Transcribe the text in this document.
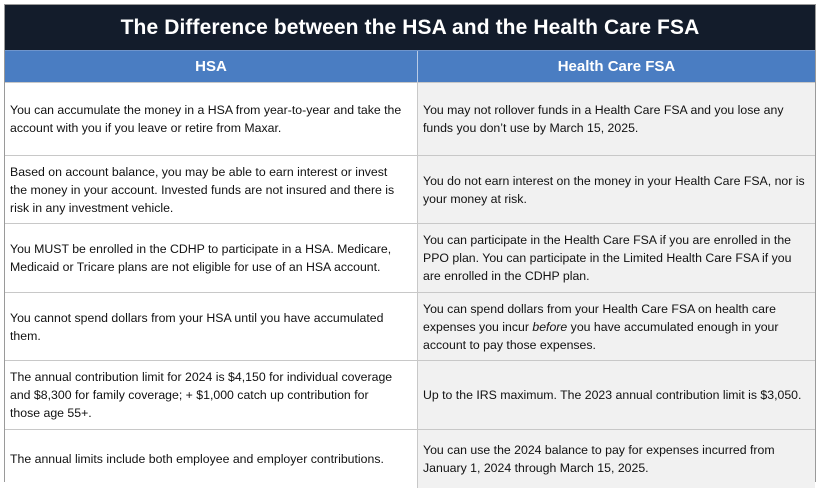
The Difference between the HSA and the Health Care FSA
HSA	Health Care FSA
You can accumulate the money in a HSA from year-to-year and take the
account with you if you leave or retire from Maxar.
You may not rollover funds in a Health Care FSA and you lose any
funds you don’t use by March 15, 2025.
Based on account balance, you may be able to earn interest or invest
the money in your account. Invested funds are not insured and there is
risk in any investment vehicle.
You do not earn interest on the money in your Health Care FSA, nor is
your money at risk.
You MUST be enrolled in the CDHP to participate in a HSA. Medicare,
Medicaid or Tricare plans are not eligible for use of an HSA account.
You can participate in the Health Care FSA if you are enrolled in the
PPO plan. You can participate in the Limited Health Care FSA if you
are enrolled in the CDHP plan.
You cannot spend dollars from your HSA until you have accumulated
them.
You can spend dollars from your Health Care FSA on health care
expenses you incur before you have accumulated enough in your
account to pay those expenses.
The annual contribution limit for 2024 is $4,150 for individual coverage
and $8,300 for family coverage; + $1,000 catch up contribution for
those age 55+.
Up to the IRS maximum. The 2023 annual contribution limit is $3,050.
The annual limits include both employee and employer contributions.
You can use the 2024 balance to pay for expenses incurred from
January 1, 2024 through March 15, 2025.
